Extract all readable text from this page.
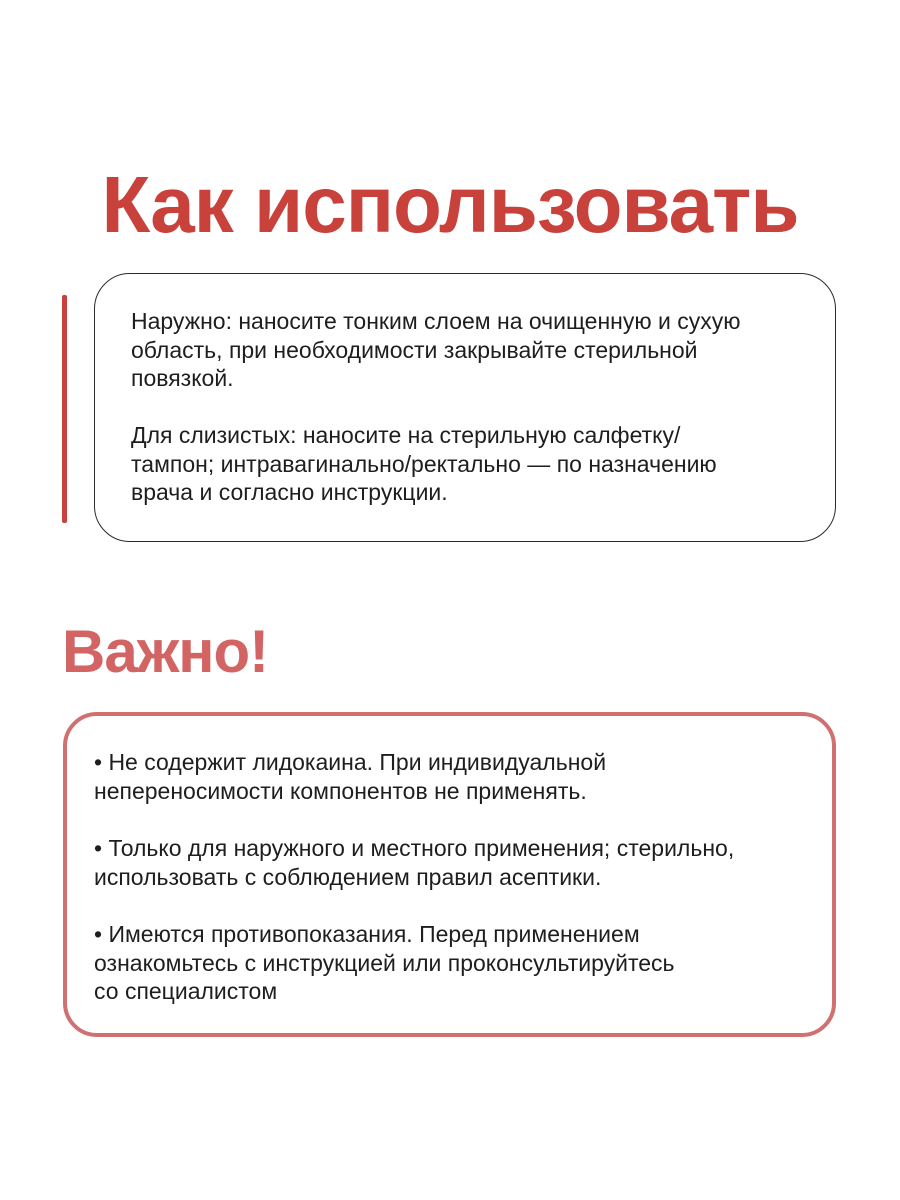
Как использовать

Наружно: наносите тонким слоем на очищенную и сухую
область, при необходимости закрывайте стерильной
повязкой.

Для слизистых: наносите на стерильную салфетку/
тампон; интравагинально/ректально — по назначению
врача и согласно инструкции.

Важно!

• Не содержит лидокаина. При индивидуальной
непереносимости компонентов не применять.

• Только для наружного и местного применения; стерильно,
использовать с соблюдением правил асептики.

• Имеются противопоказания. Перед применением
ознакомьтесь с инструкцией или проконсультируйтесь
со специалистом
